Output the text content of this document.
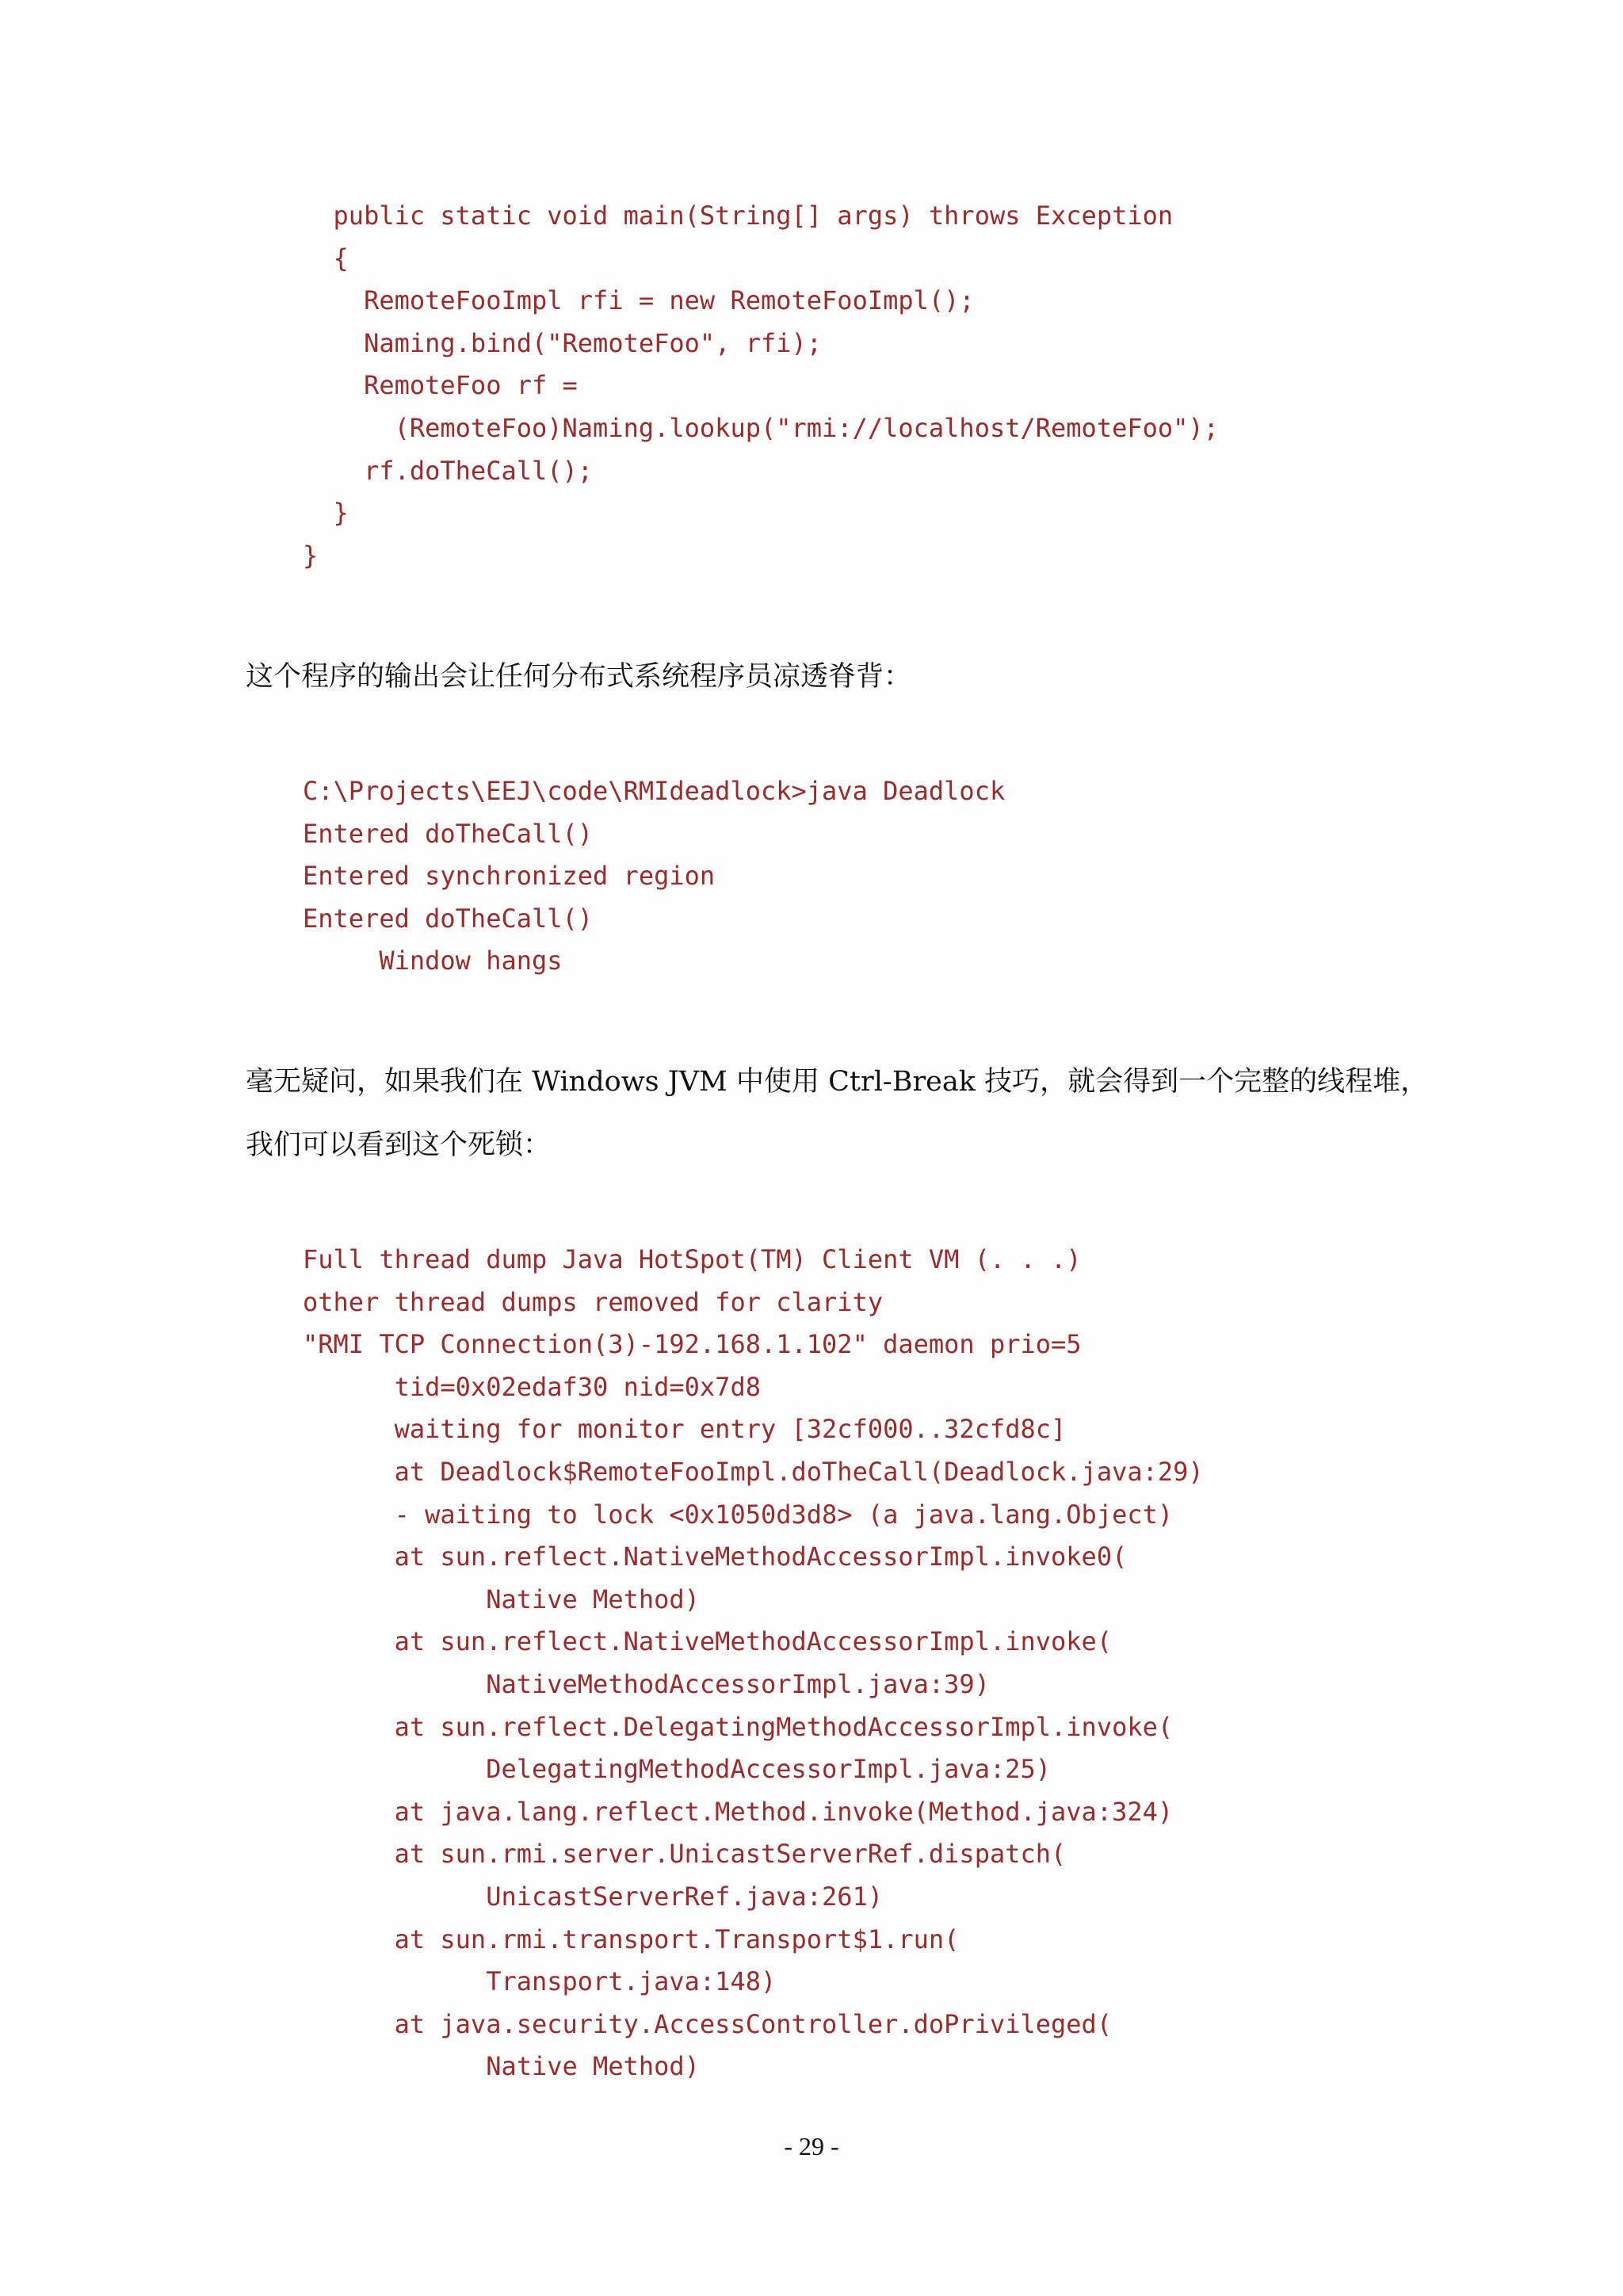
public static void main(String[] args) throws Exception
{
RemoteFooImpl rfi = new RemoteFooImpl();
Naming.bind("RemoteFoo", rfi);
RemoteFoo rf =
(RemoteFoo)Naming.lookup("rmi://localhost/RemoteFoo");
rf.doTheCall();
}
}

这个程序的输出会让任何分布式系统程序员凉透脊背：

C:\Projects\EEJ\code\RMIdeadlock>java Deadlock
Entered doTheCall()
Entered synchronized region
Entered doTheCall()
Window hangs

毫无疑问，如果我们在 Windows JVM 中使用 Ctrl-Break 技巧，就会得到一个完整的线程堆，

我们可以看到这个死锁：

Full thread dump Java HotSpot(TM) Client VM (. . .)
other thread dumps removed for clarity
"RMI TCP Connection(3)-192.168.1.102" daemon prio=5
tid=0x02edaf30 nid=0x7d8
waiting for monitor entry [32cf000..32cfd8c]
at Deadlock$RemoteFooImpl.doTheCall(Deadlock.java:29)
- waiting to lock <0x1050d3d8> (a java.lang.Object)
at sun.reflect.NativeMethodAccessorImpl.invoke0(
Native Method)
at sun.reflect.NativeMethodAccessorImpl.invoke(
NativeMethodAccessorImpl.java:39)
at sun.reflect.DelegatingMethodAccessorImpl.invoke(
DelegatingMethodAccessorImpl.java:25)
at java.lang.reflect.Method.invoke(Method.java:324)
at sun.rmi.server.UnicastServerRef.dispatch(
UnicastServerRef.java:261)
at sun.rmi.transport.Transport$1.run(
Transport.java:148)
at java.security.AccessController.doPrivileged(
Native Method)
- 29 -
